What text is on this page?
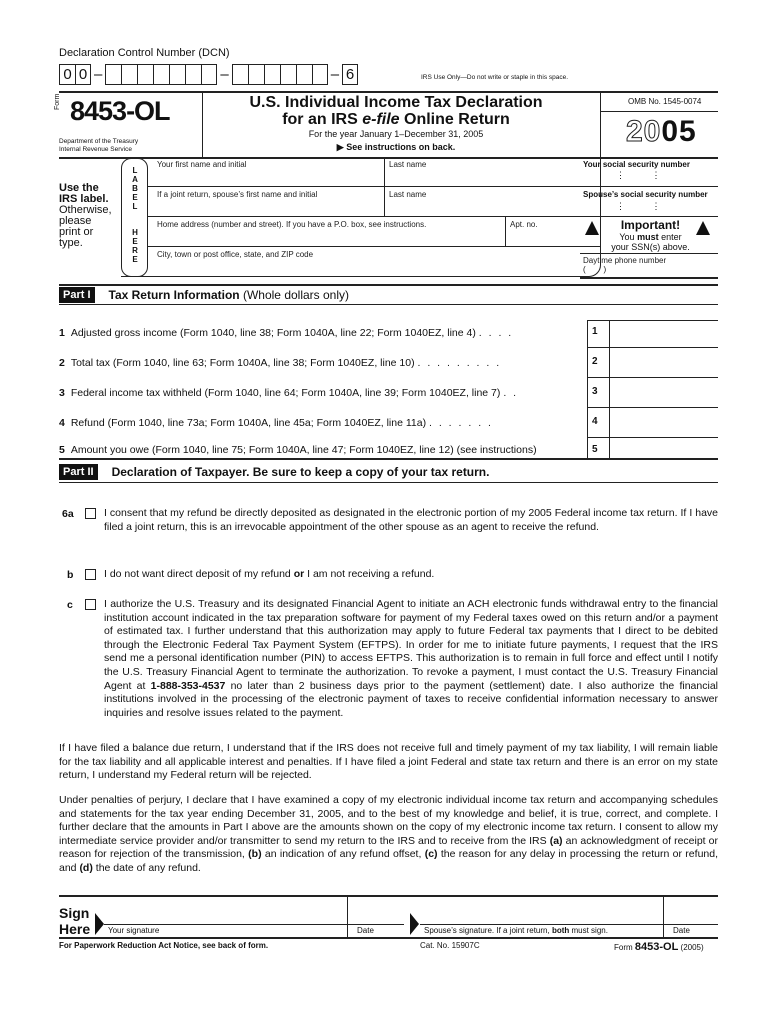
Declaration Control Number (DCN)
0 0 –	–	– 6	IRS Use Only—Do not write or staple in this space.
Form 8453-OL
Department of the Treasury
Internal Revenue Service
U.S. Individual Income Tax Declaration
for an IRS e-file Online Return
For the year January 1–December 31, 2005
▶ See instructions on back.
OMB No. 1545-0074
2005
Use the
IRS label.
Otherwise,
please
print or
type.
L
A
B
E
L
H
E
R
E
Your first name and initial	Last name
If a joint return, spouse’s first name and initial	Last name
Home address (number and street). If you have a P.O. box, see instructions.	Apt. no.
City, town or post office, state, and ZIP code
Your social security number
⋮ ⋮
Spouse’s social security number
⋮ ⋮
Important!
You must enter
your SSN(s) above.
Daytime phone number
(        )
Part I	Tax Return Information (Whole dollars only)
1 Adjusted gross income (Form 1040, line 38; Form 1040A, line 22; Form 1040EZ, line 4) . . . .
2 Total tax (Form 1040, line 63; Form 1040A, line 38; Form 1040EZ, line 10) . . . . . . . . .
3 Federal income tax withheld (Form 1040, line 64; Form 1040A, line 39; Form 1040EZ, line 7) . .
4 Refund (Form 1040, line 73a; Form 1040A, line 45a; Form 1040EZ, line 11a) . . . . . . .
5 Amount you owe (Form 1040, line 75; Form 1040A, line 47; Form 1040EZ, line 12) (see instructions)
1
2
3
4
5
Part II	Declaration of Taxpayer. Be sure to keep a copy of your tax return.
6a	I consent that my refund be directly deposited as designated in the electronic portion of my 2005 Federal income tax return. If I have filed a joint return, this is an irrevocable appointment of the other spouse as an agent to receive the refund.
b	I do not want direct deposit of my refund or I am not receiving a refund.
c	I authorize the U.S. Treasury and its designated Financial Agent to initiate an ACH electronic funds withdrawal entry to the financial institution account indicated in the tax preparation software for payment of my Federal taxes owed on this return and/or a payment of estimated tax. I further understand that this authorization may apply to future Federal tax payments that I direct to be debited through the Electronic Federal Tax Payment System (EFTPS). In order for me to initiate future payments, I request that the IRS send me a personal identification number (PIN) to access EFTPS. This authorization is to remain in full force and effect until I notify the U.S. Treasury Financial Agent to terminate the authorization. To revoke a payment, I must contact the U.S. Treasury Financial Agent at 1-888-353-4537 no later than 2 business days prior to the payment (settlement) date. I also authorize the financial institutions involved in the processing of the electronic payment of taxes to receive confidential information necessary to answer inquiries and resolve issues related to the payment.
If I have filed a balance due return, I understand that if the IRS does not receive full and timely payment of my tax liability, I will remain liable for the tax liability and all applicable interest and penalties. If I have filed a joint Federal and state tax return and there is an error on my state return, I understand my Federal return will be rejected.
Under penalties of perjury, I declare that I have examined a copy of my electronic individual income tax return and accompanying schedules and statements for the tax year ending December 31, 2005, and to the best of my knowledge and belief, it is true, correct, and complete. I further declare that the amounts in Part I above are the amounts shown on the copy of my electronic income tax return. I consent to allow my intermediate service provider and/or transmitter to send my return to the IRS and to receive from the IRS (a) an acknowledgment of receipt or reason for rejection of the transmission, (b) an indication of any refund offset, (c) the reason for any delay in processing the return or refund, and (d) the date of any refund.
Sign
Here Your signature	Date	Spouse’s signature. If a joint return, both must sign.	Date
For Paperwork Reduction Act Notice, see back of form.	Cat. No. 15907C	Form 8453-OL (2005)
